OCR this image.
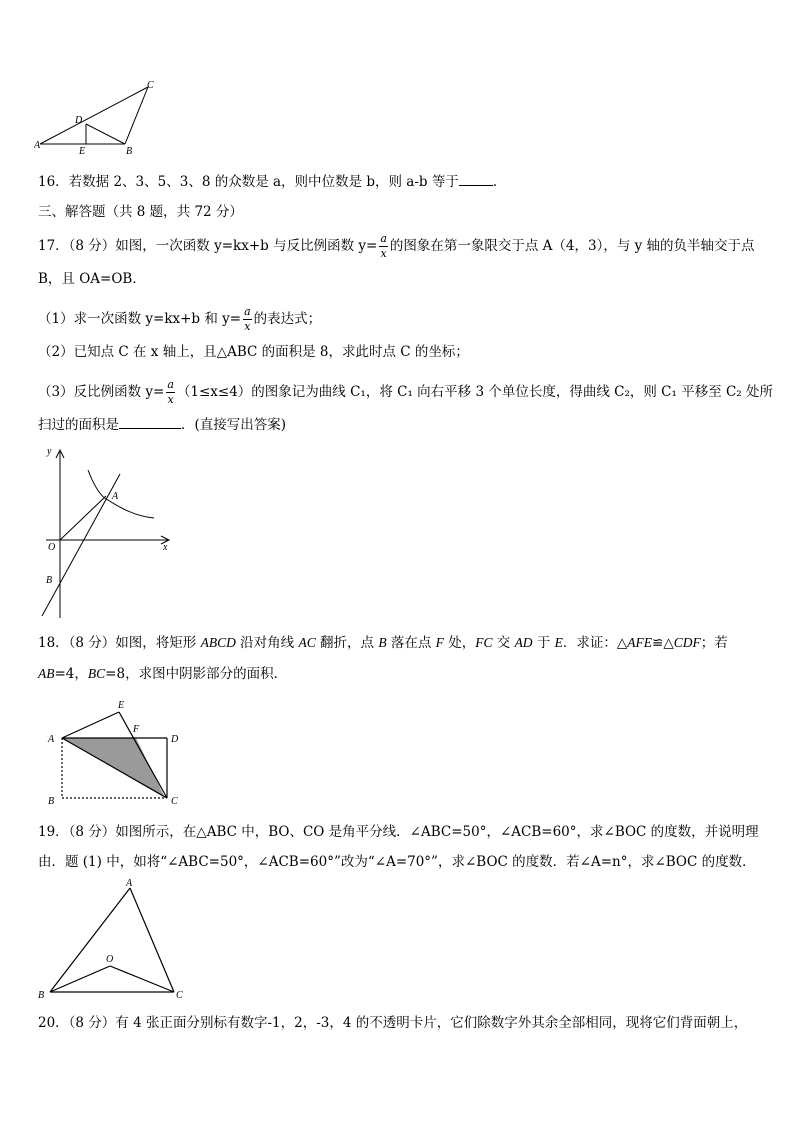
A
B
C
D
E
16．若数据 2、3、5、3、8 的众数是 a，则中位数是 b，则 a-b 等于	．
三、解答题（共 8 题，共 72 分）
17．（8 分）如图，一次函数 y=kx+b 与反比例函数 $y= \frac{a}{x}$ 的图象在第一象限交于点 A（4，3），与 y 轴的负半轴交于点
B，且 OA=OB．
（1）求一次函数 y=kx+b 和 $y= \frac{a}{x}$ 的表达式；
（2）已知点 C 在 x 轴上，且△ABC 的面积是 8，求此时点 C 的坐标；
（3）反比例函数 $y= \frac{a}{x} (1\le x\le 4)$的图象记为曲线 C₁，将 C₁ 向右平移 3 个单位长度，得曲线 C₂，则 C₁ 平移至 C₂ 处所
扫过的面积是	．(直接写出答案)
y
x
O
A
B
18．（8 分）如图，将矩形 ABCD 沿对角线 AC 翻折，点 B 落在点 F 处，FC 交 AD 于 E．求证：△AFE≌△CDF；若
AB=4，BC=8，求图中阴影部分的面积．
A
B	C
D
E
F
19．（8 分）如图所示，在△ABC 中，BO、CO 是角平分线．∠ABC=50°，∠ACB=60°，求∠BOC 的度数，并说明理
由．题 (1) 中，如将“∠ABC=50°，∠ACB=60°”改为“∠A=70°”，求∠BOC 的度数．若∠A=n°，求∠BOC 的度数．
A
B	C
O
20．（8 分）有 4 张正面分别标有数字-1，2，-3，4 的不透明卡片，它们除数字外其余全部相同，现将它们背面朝上，
